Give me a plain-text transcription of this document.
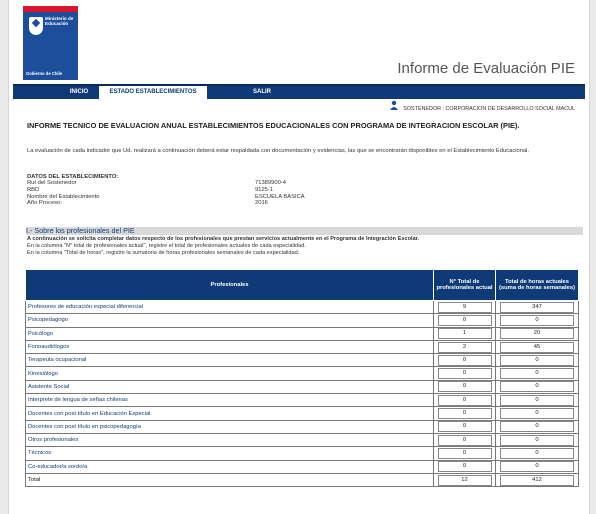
Ministerio de Educación
Gobierno de Chile	Informe de Evaluación PIE
INICIO	ESTADO ESTABLECIMIENTOS	SALIR
SOSTENEDOR : CORPORACION DE DESARROLLO SOCIAL MACUL
INFORME TECNICO DE EVALUACION ANUAL ESTABLECIMIENTOS EDUCACIONALES CON PROGRAMA DE INTEGRACION ESCOLAR (PIE).
La evaluación de cada indicador que Ud. realizará a continuación deberá estar respaldada con documentación y evidencias, las que se encontrarán disponibles en el Establecimiento Educacional.
DATOS DEL ESTABLECIMIENTO:
Rut del Sostenedor	71389900-4
RBD	9125-1
Nombre del Establecimiento	ESCUELA BASICA
Año Proceso:	2016
I.- Sobre los profesionales del PIE
A continuación se solicita completar datos respecto de los profesionales que prestan servicios actualmente en el Programa de Integración Escolar.
En la columna "N° total de profesionales actual", registre el total de profesionales actuales de cada especialidad.
En la columna "Total de horas", registre la sumatoria de horas profesionales semanales de cada especialidad.
Profesionales	N° Total de profesionales actual	Total de horas actuales (suma de horas semanales)
Profesores de educación especial diferencial	9	347
Psicopedagogo	0	0
Psicólogo	1	20
Fonoaudiólogos	2	45
Terapeuta ocupacional	0	0
Kinesiólogo	0	0
Asistente Social	0	0
Interprete de lengua de señas chilenas	0	0
Docentes con post título en Educación Especial	0	0
Docentes con post título en psicopedagogía	0	0
Otros profesionales	0	0
Técnicos	0	0
Co-educador/a sordo/a	0	0
Total	12	412
